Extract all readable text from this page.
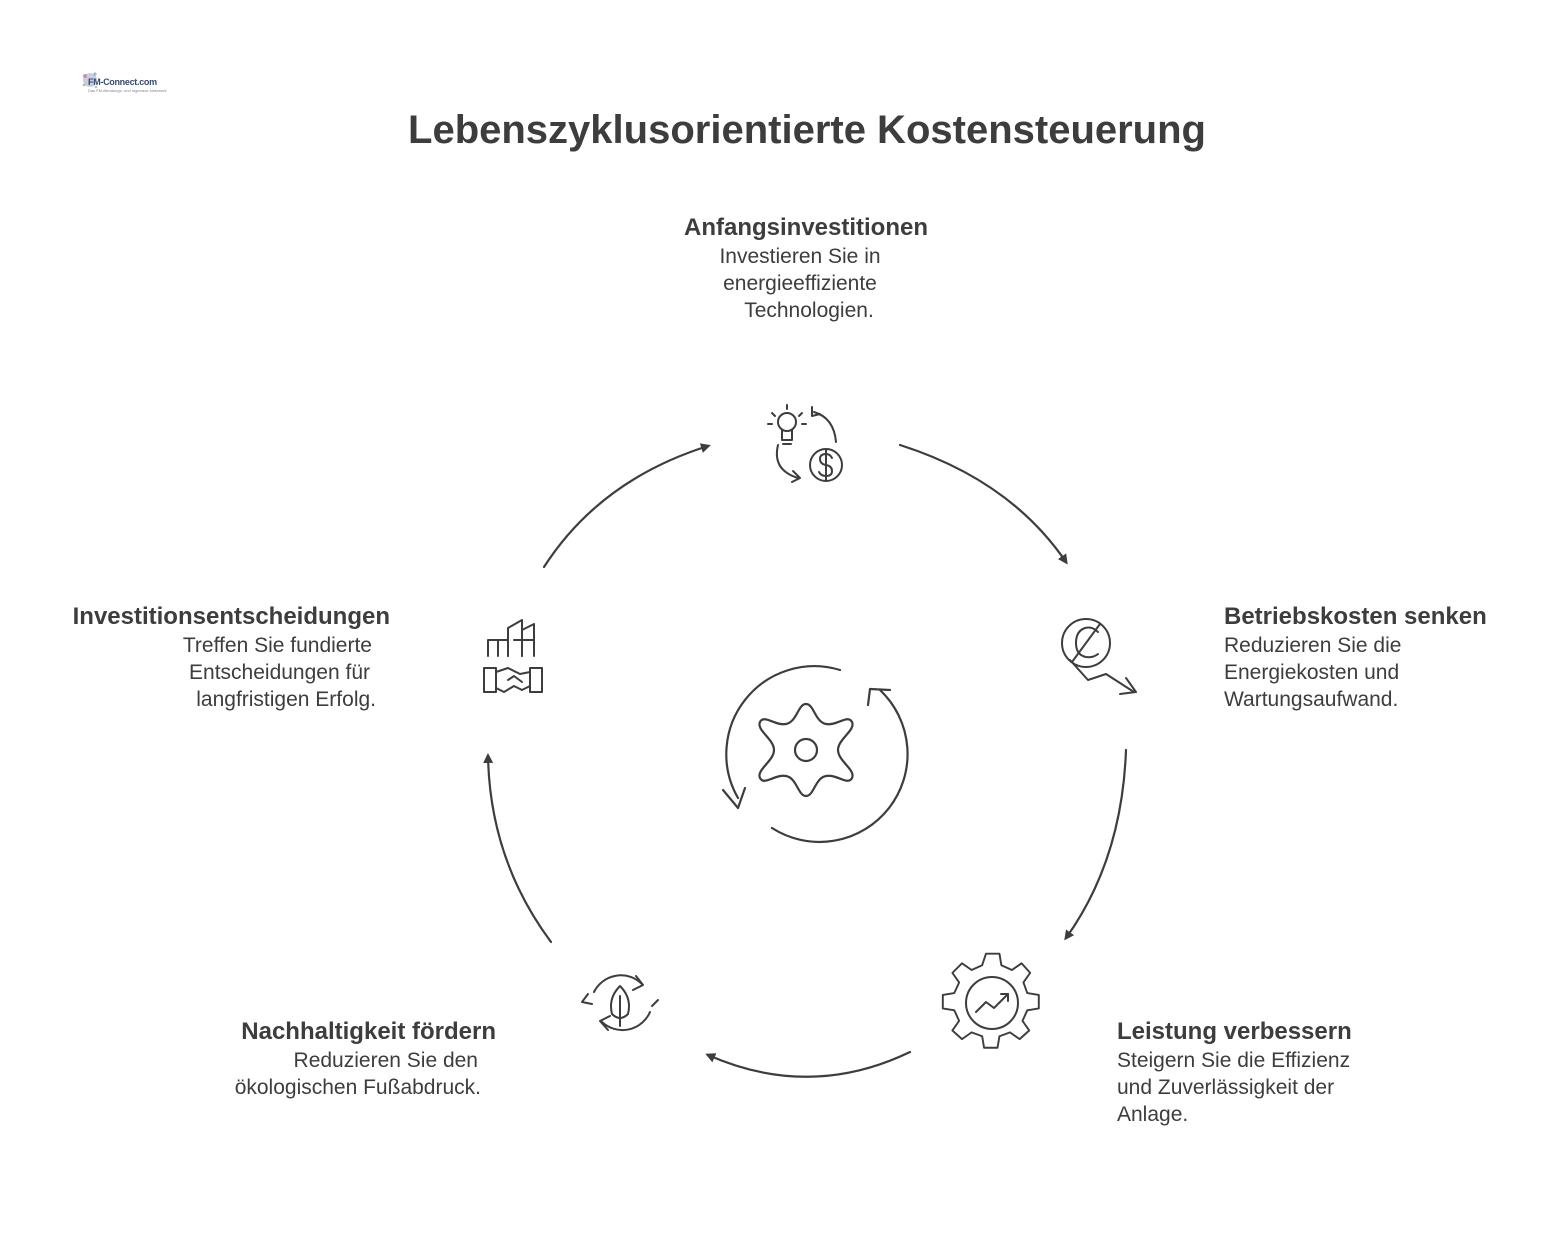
FM-Connect.com
Das FM-Beratungs- und Ingenieur-Netzwerk
Lebenszyklusorientierte Kostensteuerung
Anfangsinvestitionen
Investieren Sie in
energieeffiziente
Technologien.
Betriebskosten senken
Reduzieren Sie die
Energiekosten und
Wartungsaufwand.
Leistung verbessern
Steigern Sie die Effizienz
und Zuverlässigkeit der
Anlage.
Nachhaltigkeit fördern
Reduzieren Sie den
ökologischen Fußabdruck.
Investitionsentscheidungen
Treffen Sie fundierte
Entscheidungen für
langfristigen Erfolg.
